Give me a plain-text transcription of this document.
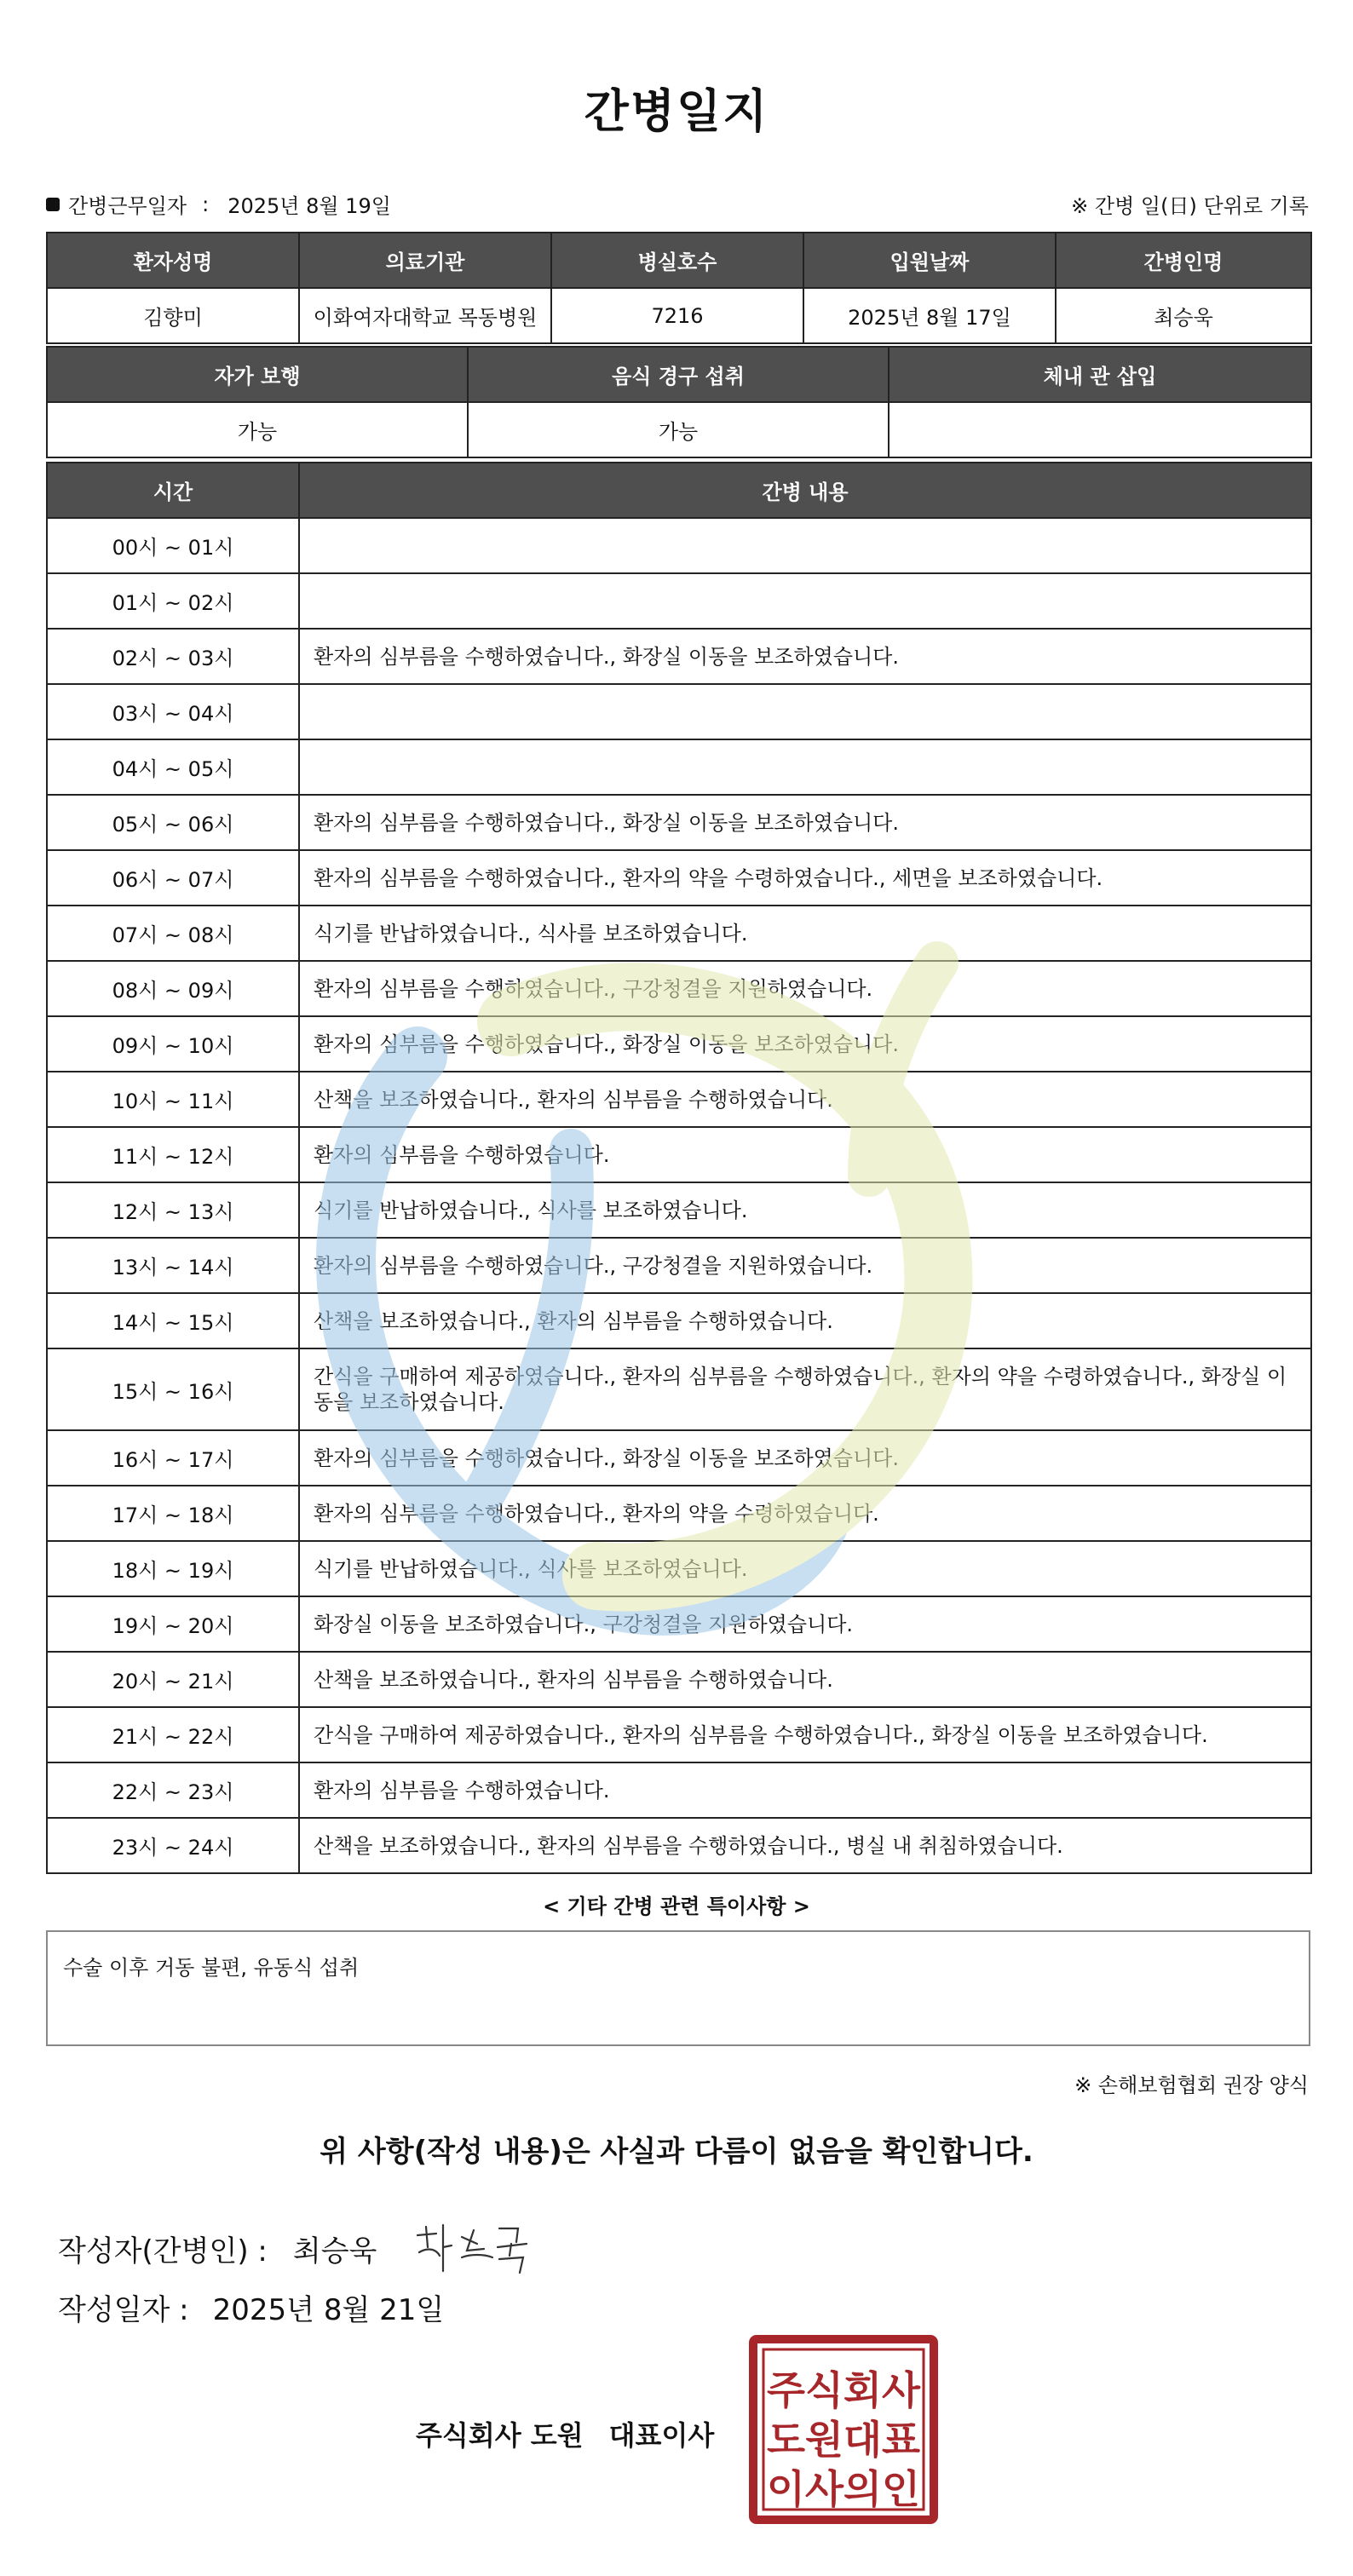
간병일지
간병근무일자 : 2025년 8월 19일	※ 간병 일(日) 단위로 기록
환자성명	의료기관	병실호수	입원날짜	간병인명
김향미	이화여자대학교 목동병원	7216	2025년 8월 17일	최승욱
자가 보행	음식 경구 섭취	체내 관 삽입
가능	가능	
시간	간병 내용
00시 ~ 01시	
01시 ~ 02시	
02시 ~ 03시	환자의 심부름을 수행하였습니다., 화장실 이동을 보조하였습니다.
03시 ~ 04시	
04시 ~ 05시	
05시 ~ 06시	환자의 심부름을 수행하였습니다., 화장실 이동을 보조하였습니다.
06시 ~ 07시	환자의 심부름을 수행하였습니다., 환자의 약을 수령하였습니다., 세면을 보조하였습니다.
07시 ~ 08시	식기를 반납하였습니다., 식사를 보조하였습니다.
08시 ~ 09시	환자의 심부름을 수행하였습니다., 구강청결을 지원하였습니다.
09시 ~ 10시	환자의 심부름을 수행하였습니다., 화장실 이동을 보조하였습니다.
10시 ~ 11시	산책을 보조하였습니다., 환자의 심부름을 수행하였습니다.
11시 ~ 12시	환자의 심부름을 수행하였습니다.
12시 ~ 13시	식기를 반납하였습니다., 식사를 보조하였습니다.
13시 ~ 14시	환자의 심부름을 수행하였습니다., 구강청결을 지원하였습니다.
14시 ~ 15시	산책을 보조하였습니다., 환자의 심부름을 수행하였습니다.
15시 ~ 16시	간식을 구매하여 제공하였습니다., 환자의 심부름을 수행하였습니다., 환자의 약을 수령하였습니다., 화장실 이동을 보조하였습니다.
16시 ~ 17시	환자의 심부름을 수행하였습니다., 화장실 이동을 보조하였습니다.
17시 ~ 18시	환자의 심부름을 수행하였습니다., 환자의 약을 수령하였습니다.
18시 ~ 19시	식기를 반납하였습니다., 식사를 보조하였습니다.
19시 ~ 20시	화장실 이동을 보조하였습니다., 구강청결을 지원하였습니다.
20시 ~ 21시	산책을 보조하였습니다., 환자의 심부름을 수행하였습니다.
21시 ~ 22시	간식을 구매하여 제공하였습니다., 환자의 심부름을 수행하였습니다., 화장실 이동을 보조하였습니다.
22시 ~ 23시	환자의 심부름을 수행하였습니다.
23시 ~ 24시	산책을 보조하였습니다., 환자의 심부름을 수행하였습니다., 병실 내 취침하였습니다.
< 기타 간병 관련 특이사항 >
수술 이후 거동 불편, 유동식 섭취
※ 손해보험협회 권장 양식
위 사항(작성 내용)은 사실과 다름이 없음을 확인합니다.
작성자(간병인) : 최승욱
작성일자 : 2025년 8월 21일
주식회사 도원 대표이사
주식회사
도원대표
이사의인
